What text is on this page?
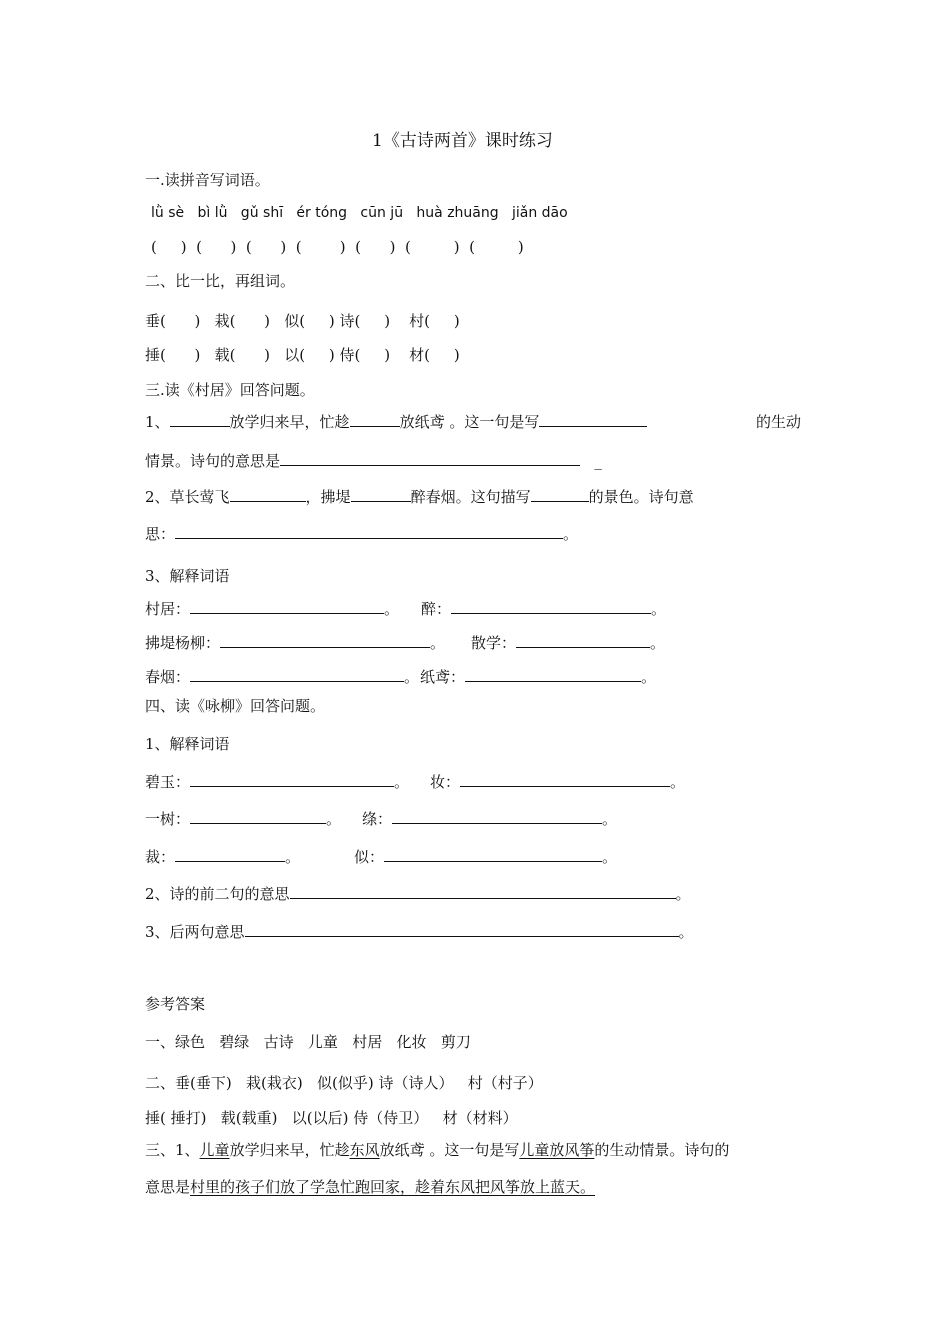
1《古诗两首》课时练习
一.读拼音写词语。
lǜ sè   bì lǜ   gǔ shī   ér tóng   cūn jū   huà zhuāng   jiǎn dāo
(     )  (      )  (      )  (        )  (      )  (         )  (         )
二、比一比，再组词。
垂(      )   栽(      )   似(     ) 诗(     )    村(     )
捶(      )   载(      )   以(     ) 侍(     )    材(     )
三.读《村居》回答问题。
1、	放学归来早，忙趁	放纸鸢 。这一句是写	的生动
情景。诗句的意思是	_
2、草长莺飞	，拂堤	醉春烟。这句描写	的景色。诗句意
思：	。
3、解释词语
村居：	。 醉：	。
拂堤杨柳：	。 散学：	。
春烟：	。 纸鸢：	。
四、读《咏柳》回答问题。
1、解释词语
碧玉：	。 妆：	。
一树：	。 绦：	。
裁：	。	似：	。
2、诗的前二句的意思	。
3、后两句意思	。
参考答案
一、绿色   碧绿   古诗   儿童   村居   化妆   剪刀
二、垂(垂下)   栽(栽衣)   似(似乎) 诗（诗人）   村（村子）
捶( 捶打)   载(载重)   以(以后) 侍（侍卫）   材（材料）
三、1、儿童放学归来早，忙趁东风放纸鸢 。这一句是写儿童放风筝的生动情景。诗句的
意思是村里的孩子们放了学急忙跑回家，趁着东风把风筝放上蓝天。
